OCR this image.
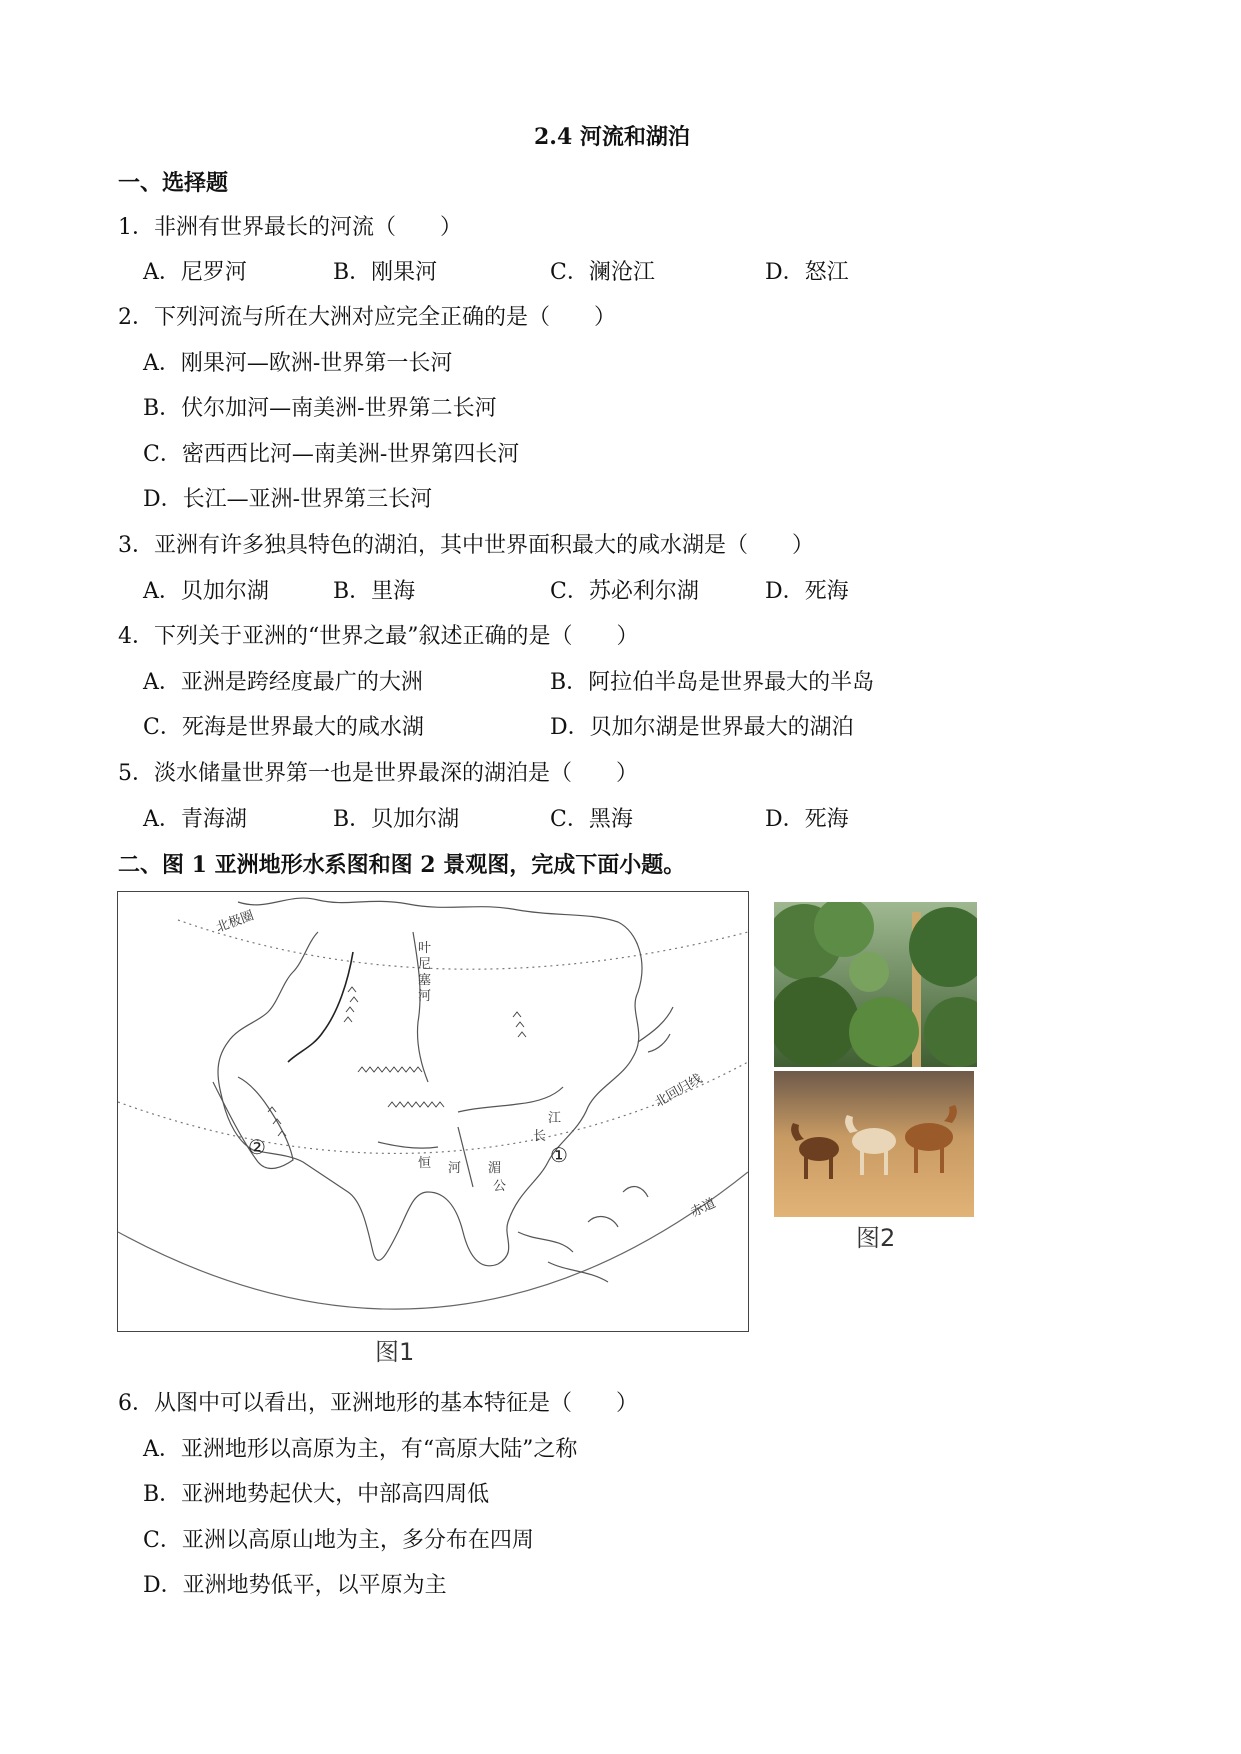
2.4 河流和湖泊
一、选择题
1．非洲有世界最长的河流（　　）
A．尼罗河	B．刚果河	C．澜沧江	D．怒江
2．下列河流与所在大洲对应完全正确的是（　　）
A．刚果河—欧洲-世界第一长河
B．伏尔加河—南美洲-世界第二长河
C．密西西比河—南美洲-世界第四长河
D．长江—亚洲-世界第三长河
3．亚洲有许多独具特色的湖泊，其中世界面积最大的咸水湖是（　　）
A．贝加尔湖	B．里海	C．苏必利尔湖	D．死海
4．下列关于亚洲的“世界之最”叙述正确的是（　　）
A．亚洲是跨经度最广的大洲	B．阿拉伯半岛是世界最大的半岛
C．死海是世界最大的咸水湖	D．贝加尔湖是世界最大的湖泊
5．淡水储量世界第一也是世界最深的湖泊是（　　）
A．青海湖	B．贝加尔湖	C．黑海	D．死海
二、图 1 亚洲地形水系图和图 2 景观图，完成下面小题。
北极圈
叶
尼
塞
河
江
长
恒 河 湄
公
北回归线
赤道
①
②
图1
图2
6．从图中可以看出，亚洲地形的基本特征是（　　）
A．亚洲地形以高原为主，有“高原大陆”之称
B．亚洲地势起伏大，中部高四周低
C．亚洲以高原山地为主，多分布在四周
D．亚洲地势低平，以平原为主
